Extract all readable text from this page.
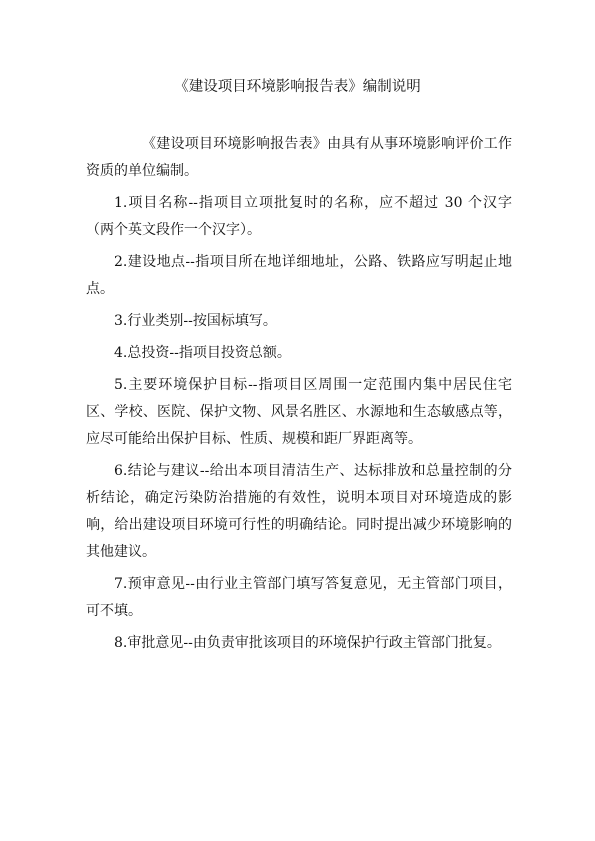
《建设项目环境影响报告表》编制说明

《建设项目环境影响报告表》由具有从事环境影响评价工作资质的单位编制。

1.项目名称--指项目立项批复时的名称，应不超过 30 个汉字（两个英文段作一个汉字）。

2.建设地点--指项目所在地详细地址，公路、铁路应写明起止地点。

3.行业类别--按国标填写。

4.总投资--指项目投资总额。

5.主要环境保护目标--指项目区周围一定范围内集中居民住宅区、学校、医院、保护文物、风景名胜区、水源地和生态敏感点等，应尽可能给出保护目标、性质、规模和距厂界距离等。

6.结论与建议--给出本项目清洁生产、达标排放和总量控制的分析结论，确定污染防治措施的有效性，说明本项目对环境造成的影响，给出建设项目环境可行性的明确结论。同时提出减少环境影响的其他建议。

7.预审意见--由行业主管部门填写答复意见，无主管部门项目，可不填。

8.审批意见--由负责审批该项目的环境保护行政主管部门批复。
